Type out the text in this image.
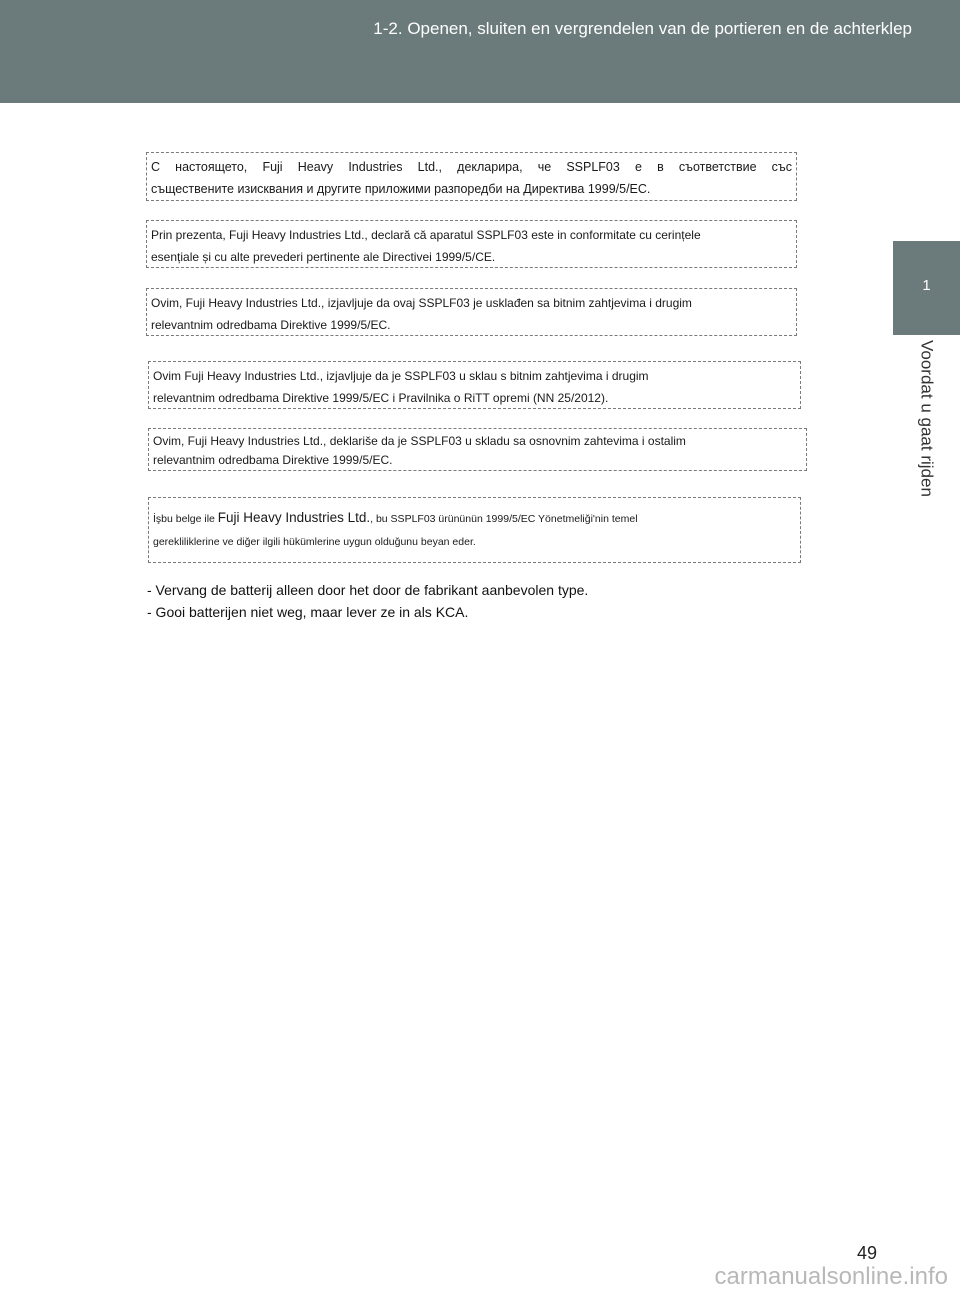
1-2. Openen, sluiten en vergrendelen van de portieren en de achterklep
1
Voordat u gaat rijden
С настоящето, Fuji Heavy Industries Ltd., декларира, че SSPLF03 е в съответствие със
съществените изисквания и другите приложими разпоредби на Директива 1999/5/ЕС.
Prin prezenta, Fuji Heavy Industries Ltd., declară că aparatul SSPLF03 este in conformitate cu cerințele
esențiale și cu alte prevederi pertinente ale Directivei 1999/5/CE.
Ovim, Fuji Heavy Industries Ltd., izjavljuje da ovaj SSPLF03 je usklađen sa bitnim zahtjevima i drugim
relevantnim odredbama Direktive 1999/5/EC.
Ovim Fuji Heavy Industries Ltd., izjavljuje da je SSPLF03 u sklau s bitnim zahtjevima i drugim
relevantnim odredbama Direktive 1999/5/EC i Pravilnika o RiTT opremi (NN 25/2012).
Ovim, Fuji Heavy Industries Ltd., deklariše da je SSPLF03 u skladu sa osnovnim zahtevima i ostalim
relevantnim odredbama Direktive 1999/5/EC.
İşbu belge ile Fuji Heavy Industries Ltd., bu SSPLF03 ürününün 1999/5/EC Yönetmeliği'nin temel
gerekliliklerine ve diğer ilgili hükümlerine uygun olduğunu beyan eder.
- Vervang de batterij alleen door het door de fabrikant aanbevolen type.
- Gooi batterijen niet weg, maar lever ze in als KCA.
49
carmanualsonline.info
